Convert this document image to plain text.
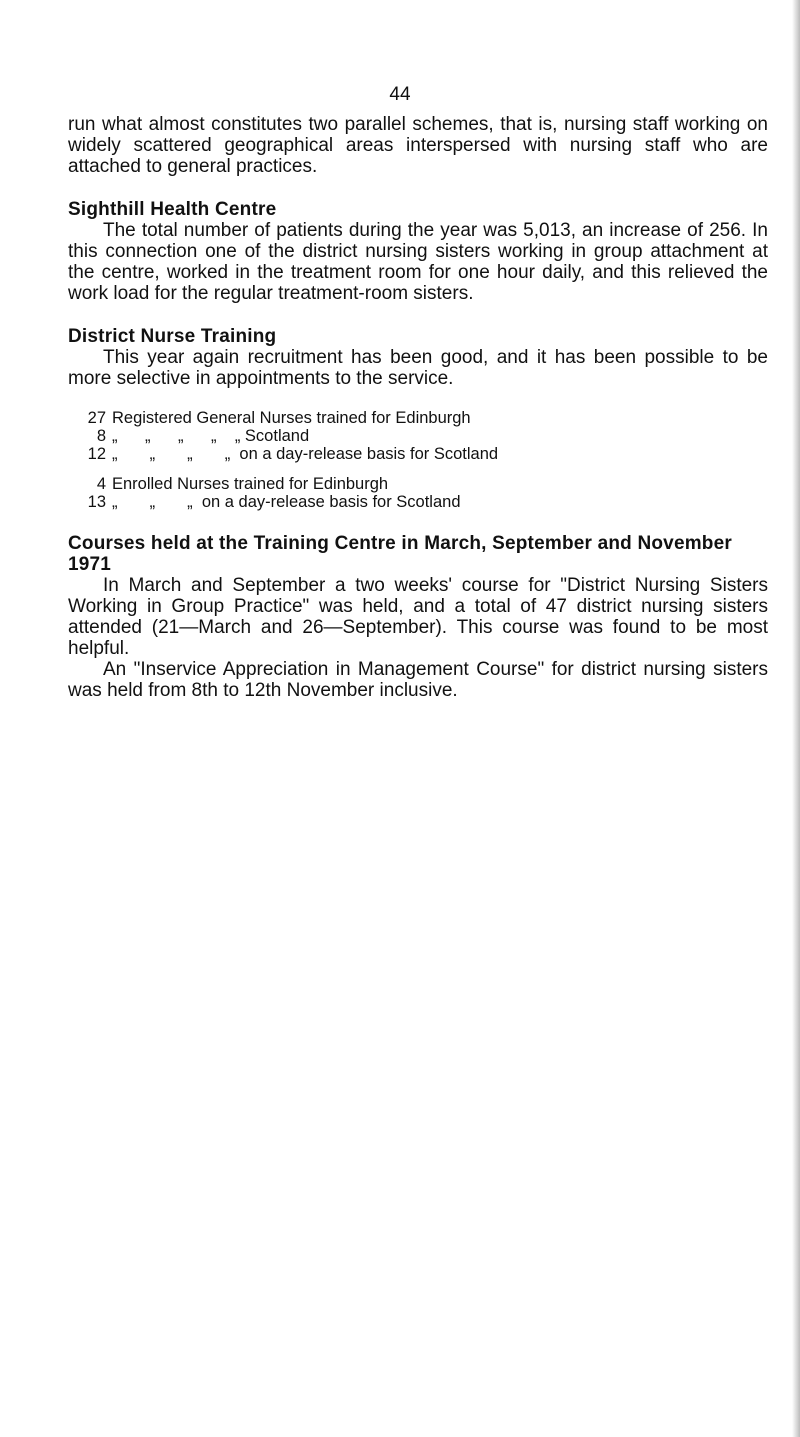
44

run what almost constitutes two parallel schemes, that is, nursing staff working on widely scattered geographical areas interspersed with nursing staff who are attached to general practices.

Sighthill Health Centre

The total number of patients during the year was 5,013, an increase of 256. In this connection one of the district nursing sisters working in group attachment at the centre, worked in the treatment room for one hour daily, and this relieved the work load for the regular treatment-room sisters.

District Nurse Training

This year again recruitment has been good, and it has been possible to be more selective in appointments to the service.

27 Registered General Nurses trained for Edinburgh
8 „      „      „      „    „
Scotland
12 „       „       „       „
on a day-release basis for Scotland
4 Enrolled Nurses trained for Edinburgh
13 „       „       „
on a day-release basis for Scotland
Courses held at the Training Centre in March, September and November 1971

In March and September a two weeks' course for "District Nursing Sisters Working in Group Practice" was held, and a total of 47 district nursing sisters attended (21—March and 26—September). This course was found to be most helpful.

An "Inservice Appreciation in Management Course" for district nursing sisters was held from 8th to 12th November inclusive.
